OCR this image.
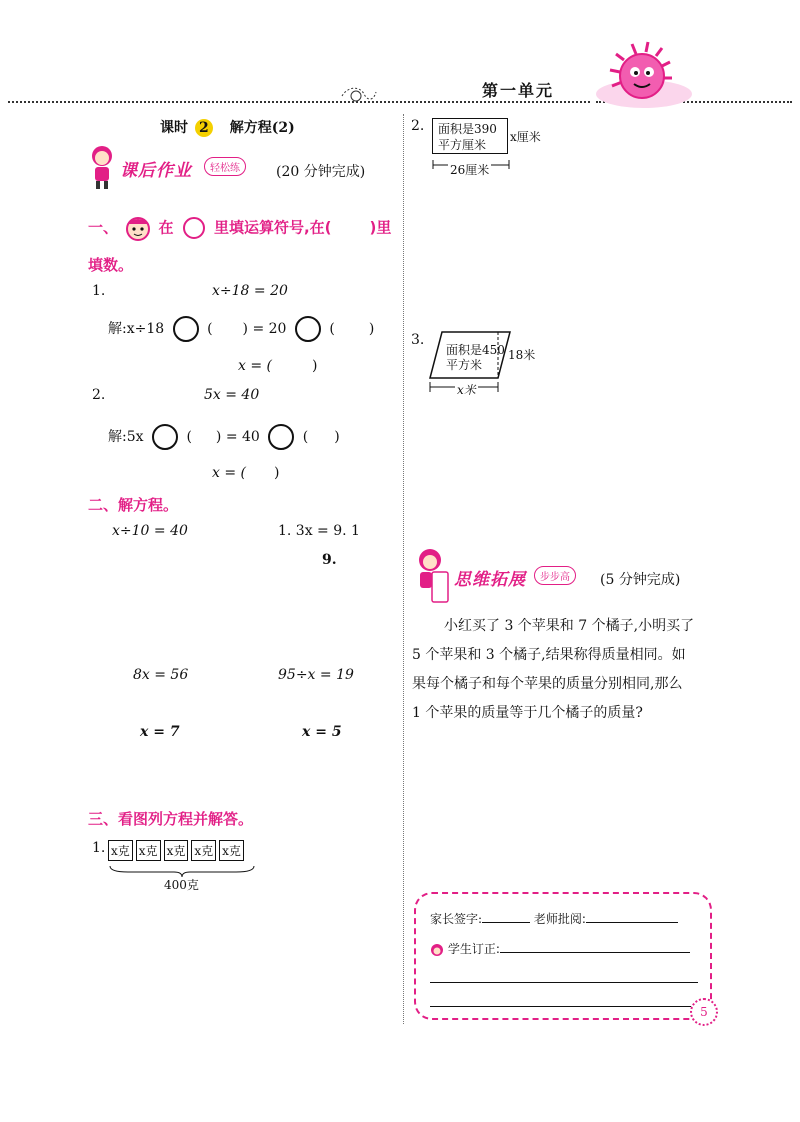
第一单元
课时 2 解方程(2)
课后作业	轻松练	(20 分钟完成)
一、	在	里填运算符号,在(	)里
填数。
1.	x÷18 = 20
解:x÷18	( ) = 20	( )
x = (	)
2.	5x = 40
解:5x	( ) = 40	( )
x = ( )
二、解方程。
x÷10 = 40	1. 3x = 9. 1
9.
8x = 56	95÷x = 19
x = 7	x = 5
三、看图列方程并解答。
1. x克 x克 x克 x克 x克
400克
2. 面积是390
平方厘米
x厘米
26厘米
3.
面积是450
平方米
18米
x米
思维拓展	步步高	(5 分钟完成)
小红买了 3 个苹果和 7 个橘子,小明买了
5 个苹果和 3 个橘子,结果称得质量相同。如
果每个橘子和每个苹果的质量分别相同,那么
1 个苹果的质量等于几个橘子的质量?
家长签字:	老师批阅:
学生订正:
5
